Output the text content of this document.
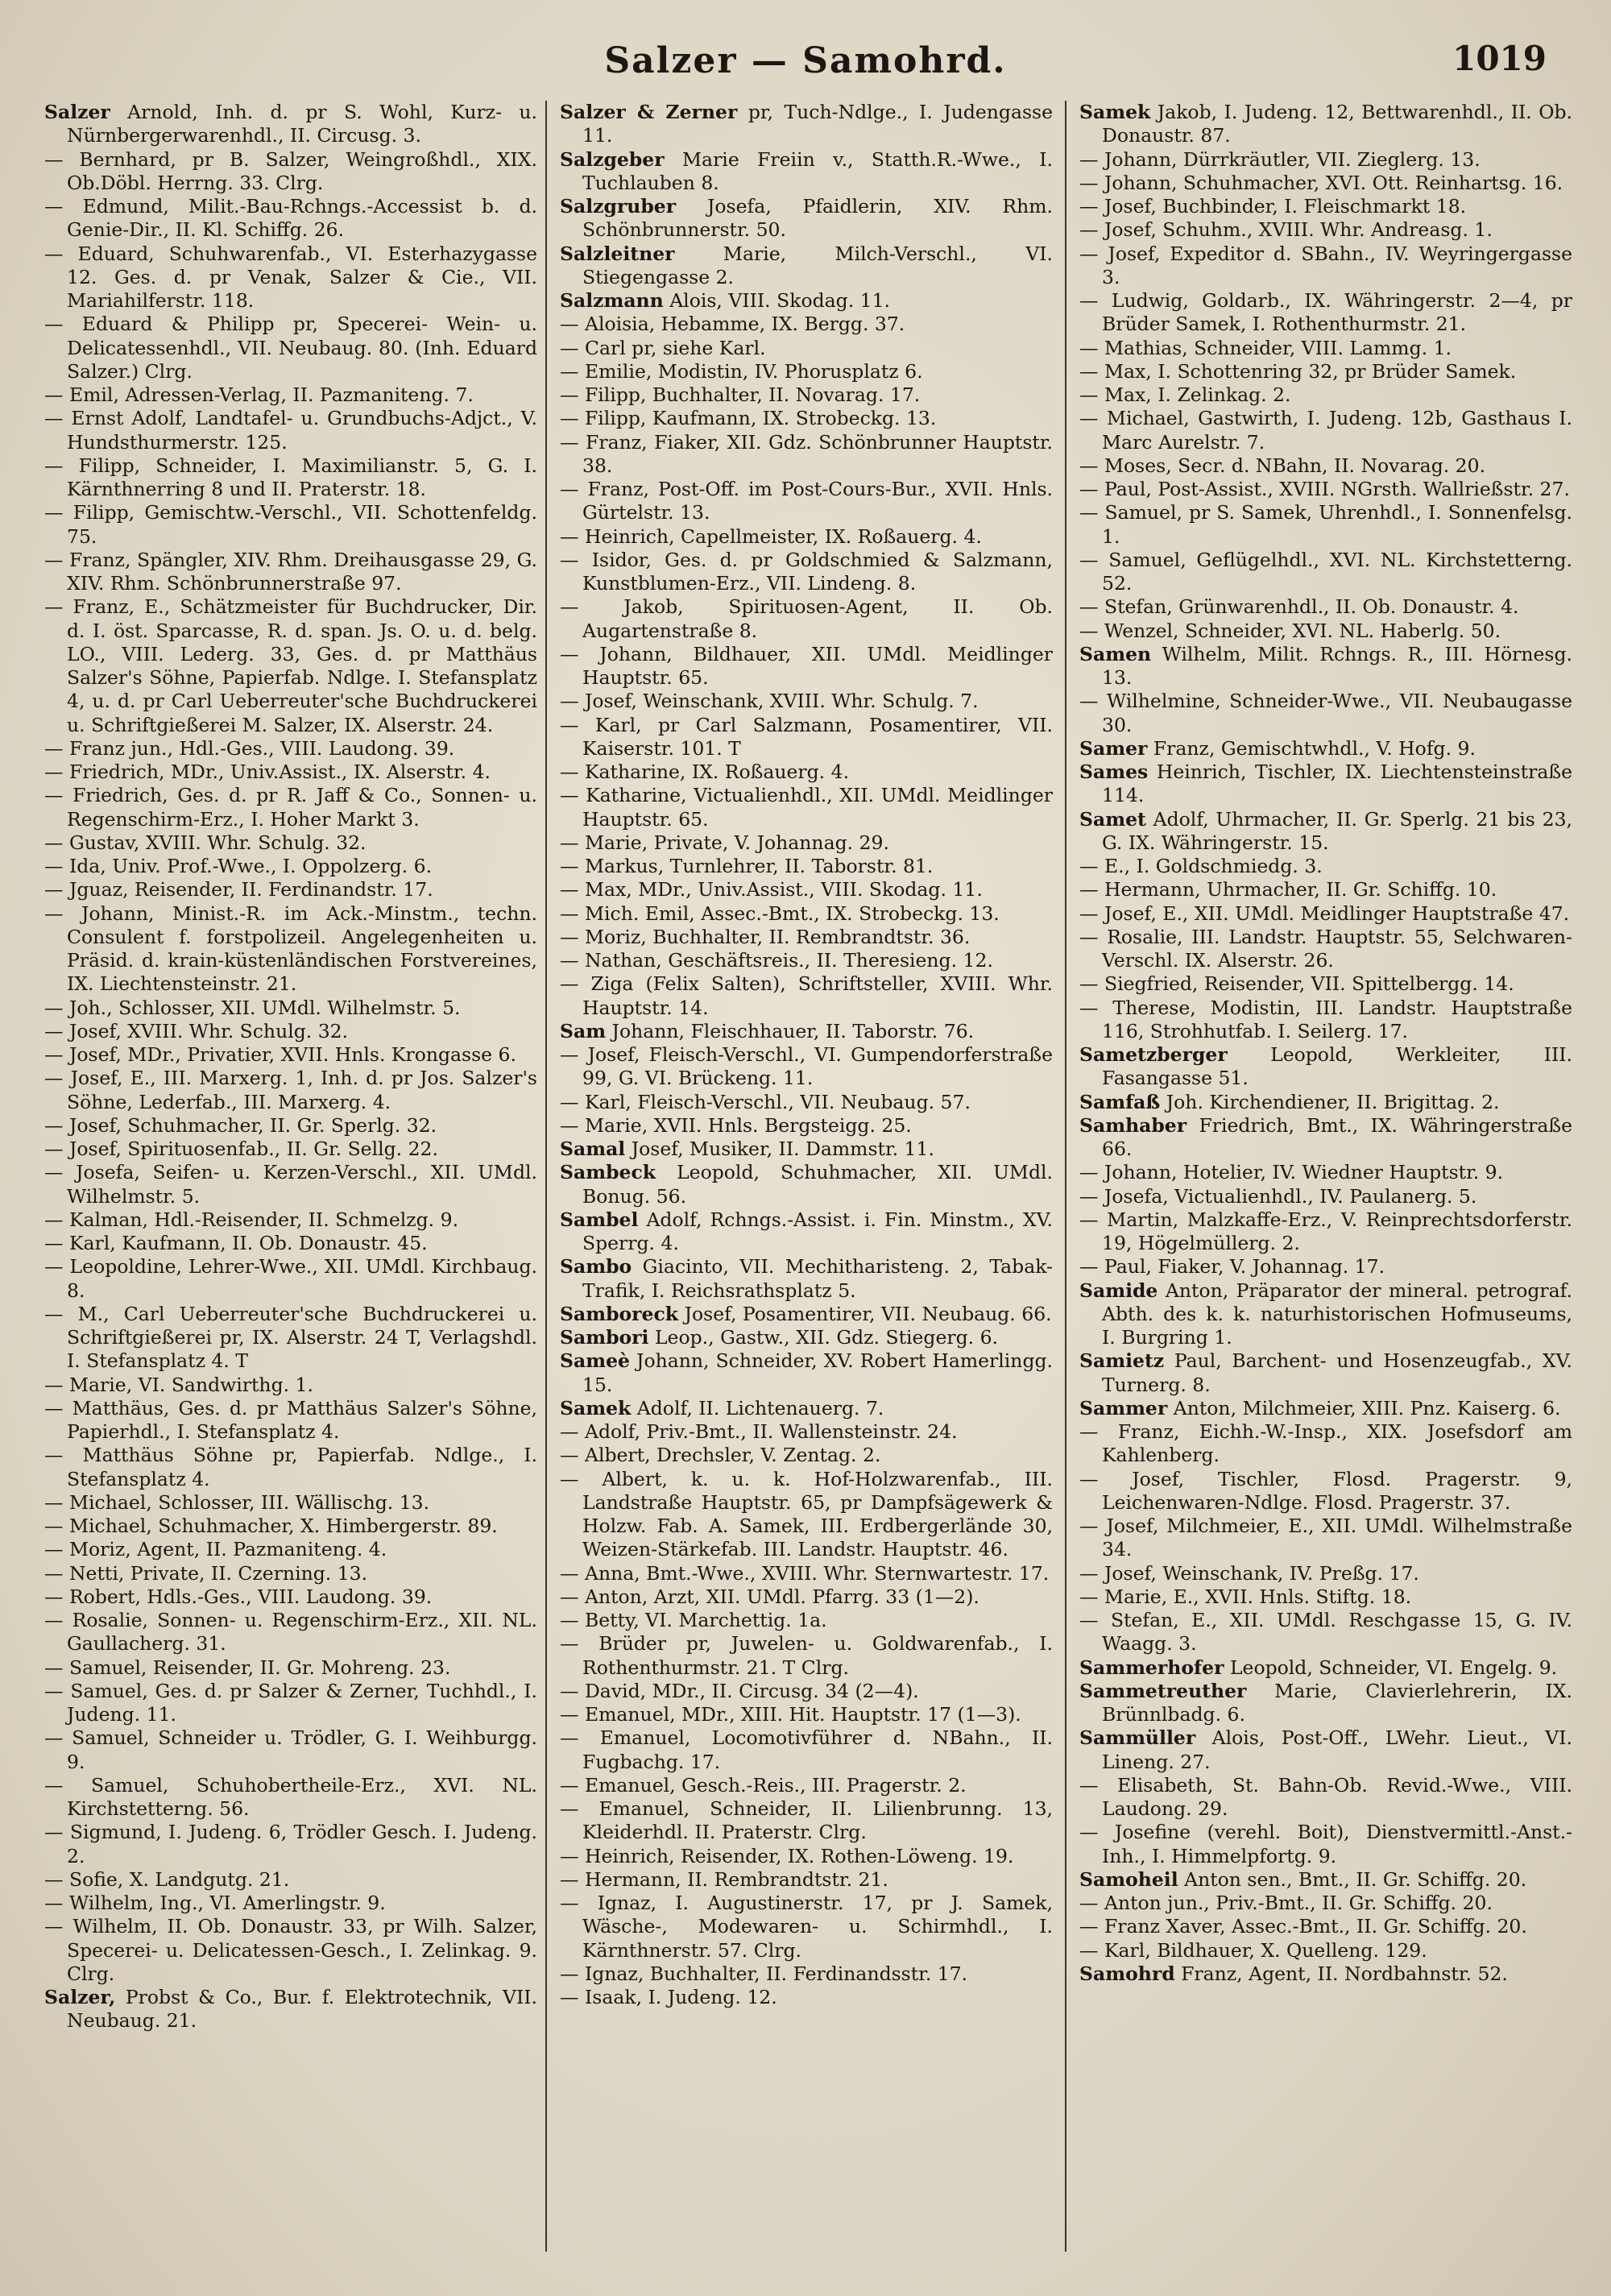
Salzer — Samohrd.	1019

Salzer Arnold, Inh. d. pr S. Wohl, Kurz- u. Nürnbergerwarenhdl., II. Circusg. 3.

— Bernhard, pr B. Salzer, Weingroßhdl., XIX. Ob.Döbl. Herrng. 33. Clrg.

— Edmund, Milit.-Bau-Rchngs.-Accessist b. d. Genie-Dir., II. Kl. Schiffg. 26.

— Eduard, Schuhwarenfab., VI. Esterhazygasse 12. Ges. d. pr Venak, Salzer & Cie., VII. Mariahilferstr. 118.

— Eduard & Philipp pr, Specerei- Wein- u. Delicatessenhdl., VII. Neubaug. 80. (Inh. Eduard Salzer.) Clrg.

— Emil, Adressen-Verlag, II. Pazmaniteng. 7.

— Ernst Adolf, Landtafel- u. Grundbuchs-Adjct., V. Hundsthurmerstr. 125.

— Filipp, Schneider, I. Maximilianstr. 5, G. I. Kärnthnerring 8 und II. Praterstr. 18.

— Filipp, Gemischtw.-Verschl., VII. Schottenfeldg. 75.

— Franz, Spängler, XIV. Rhm. Dreihausgasse 29, G. XIV. Rhm. Schönbrunnerstraße 97.

— Franz, E., Schätzmeister für Buchdrucker, Dir. d. I. öst. Sparcasse, R. d. span. Js. O. u. d. belg. LO., VIII. Lederg. 33, Ges. d. pr Matthäus Salzer's Söhne, Papierfab. Ndlge. I. Stefansplatz 4, u. d. pr Carl Ueberreuter'sche Buchdruckerei u. Schriftgießerei M. Salzer, IX. Alserstr. 24.

— Franz jun., Hdl.-Ges., VIII. Laudong. 39.

— Friedrich, MDr., Univ.Assist., IX. Alserstr. 4.

— Friedrich, Ges. d. pr R. Jaff & Co., Sonnen- u. Regenschirm-Erz., I. Hoher Markt 3.

— Gustav, XVIII. Whr. Schulg. 32.

— Ida, Univ. Prof.-Wwe., I. Oppolzerg. 6.

— Jguaz, Reisender, II. Ferdinandstr. 17.

— Johann, Minist.-R. im Ack.-Minstm., techn. Consulent f. forstpolizeil. Angelegenheiten u. Präsid. d. krain-küstenländischen Forstvereines, IX. Liechtensteinstr. 21.

— Joh., Schlosser, XII. UMdl. Wilhelmstr. 5.

— Josef, XVIII. Whr. Schulg. 32.

— Josef, MDr., Privatier, XVII. Hnls. Krongasse 6.

— Josef, E., III. Marxerg. 1, Inh. d. pr Jos. Salzer's Söhne, Lederfab., III. Marxerg. 4.

— Josef, Schuhmacher, II. Gr. Sperlg. 32.

— Josef, Spirituosenfab., II. Gr. Sellg. 22.

— Josefa, Seifen- u. Kerzen-Verschl., XII. UMdl. Wilhelmstr. 5.

— Kalman, Hdl.-Reisender, II. Schmelzg. 9.

— Karl, Kaufmann, II. Ob. Donaustr. 45.

— Leopoldine, Lehrer-Wwe., XII. UMdl. Kirchbaug. 8.

— M., Carl Ueberreuter'sche Buchdruckerei u. Schriftgießerei pr, IX. Alserstr. 24 T, Verlagshdl. I. Stefansplatz 4. T

— Marie, VI. Sandwirthg. 1.

— Matthäus, Ges. d. pr Matthäus Salzer's Söhne, Papierhdl., I. Stefansplatz 4.

— Matthäus Söhne pr, Papierfab. Ndlge., I. Stefansplatz 4.

— Michael, Schlosser, III. Wällischg. 13.

— Michael, Schuhmacher, X. Himbergerstr. 89.

— Moriz, Agent, II. Pazmaniteng. 4.

— Netti, Private, II. Czerning. 13.

— Robert, Hdls.-Ges., VIII. Laudong. 39.

— Rosalie, Sonnen- u. Regenschirm-Erz., XII. NL. Gaullacherg. 31.

— Samuel, Reisender, II. Gr. Mohreng. 23.

— Samuel, Ges. d. pr Salzer & Zerner, Tuchhdl., I. Judeng. 11.

— Samuel, Schneider u. Trödler, G. I. Weihburgg. 9.

— Samuel, Schuhobertheile-Erz., XVI. NL. Kirchstetterng. 56.

— Sigmund, I. Judeng. 6, Trödler Gesch. I. Judeng. 2.

— Sofie, X. Landgutg. 21.

— Wilhelm, Ing., VI. Amerlingstr. 9.

— Wilhelm, II. Ob. Donaustr. 33, pr Wilh. Salzer, Specerei- u. Delicatessen-Gesch., I. Zelinkag. 9. Clrg.

Salzer, Probst & Co., Bur. f. Elektrotechnik, VII. Neubaug. 21.

Salzer & Zerner pr, Tuch-Ndlge., I. Judengasse 11.

Salzgeber Marie Freiin v., Statth.R.-Wwe., I. Tuchlauben 8.

Salzgruber Josefa, Pfaidlerin, XIV. Rhm. Schönbrunnerstr. 50.

Salzleitner Marie, Milch-Verschl., VI. Stiegengasse 2.

Salzmann Alois, VIII. Skodag. 11.

— Aloisia, Hebamme, IX. Bergg. 37.

— Carl pr, siehe Karl.

— Emilie, Modistin, IV. Phorusplatz 6.

— Filipp, Buchhalter, II. Novarag. 17.

— Filipp, Kaufmann, IX. Strobeckg. 13.

— Franz, Fiaker, XII. Gdz. Schönbrunner Hauptstr. 38.

— Franz, Post-Off. im Post-Cours-Bur., XVII. Hnls. Gürtelstr. 13.

— Heinrich, Capellmeister, IX. Roßauerg. 4.

— Isidor, Ges. d. pr Goldschmied & Salzmann, Kunstblumen-Erz., VII. Lindeng. 8.

— Jakob, Spirituosen-Agent, II. Ob. Augartenstraße 8.

— Johann, Bildhauer, XII. UMdl. Meidlinger Hauptstr. 65.

— Josef, Weinschank, XVIII. Whr. Schulg. 7.

— Karl, pr Carl Salzmann, Posamentirer, VII. Kaiserstr. 101. T

— Katharine, IX. Roßauerg. 4.

— Katharine, Victualienhdl., XII. UMdl. Meidlinger Hauptstr. 65.

— Marie, Private, V. Johannag. 29.

— Markus, Turnlehrer, II. Taborstr. 81.

— Max, MDr., Univ.Assist., VIII. Skodag. 11.

— Mich. Emil, Assec.-Bmt., IX. Strobeckg. 13.

— Moriz, Buchhalter, II. Rembrandtstr. 36.

— Nathan, Geschäftsreis., II. Theresieng. 12.

— Ziga (Felix Salten), Schriftsteller, XVIII. Whr. Hauptstr. 14.

Sam Johann, Fleischhauer, II. Taborstr. 76.

— Josef, Fleisch-Verschl., VI. Gumpendorferstraße 99, G. VI. Brückeng. 11.

— Karl, Fleisch-Verschl., VII. Neubaug. 57.

— Marie, XVII. Hnls. Bergsteigg. 25.

Samal Josef, Musiker, II. Dammstr. 11.

Sambeck Leopold, Schuhmacher, XII. UMdl. Bonug. 56.

Sambel Adolf, Rchngs.-Assist. i. Fin. Minstm., XV. Sperrg. 4.

Sambo Giacinto, VII. Mechitharisteng. 2, Tabak-Trafik, I. Reichsrathsplatz 5.

Samboreck Josef, Posamentirer, VII. Neubaug. 66.

Sambori Leop., Gastw., XII. Gdz. Stiegerg. 6.

Sameè Johann, Schneider, XV. Robert Hamerlingg. 15.

Samek Adolf, II. Lichtenauerg. 7.

— Adolf, Priv.-Bmt., II. Wallensteinstr. 24.

— Albert, Drechsler, V. Zentag. 2.

— Albert, k. u. k. Hof-Holzwarenfab., III. Landstraße Hauptstr. 65, pr Dampfsägewerk & Holzw. Fab. A. Samek, III. Erdbergerlände 30, Weizen-Stärkefab. III. Landstr. Hauptstr. 46.

— Anna, Bmt.-Wwe., XVIII. Whr. Sternwartestr. 17.

— Anton, Arzt, XII. UMdl. Pfarrg. 33 (1—2).

— Betty, VI. Marchettig. 1a.

— Brüder pr, Juwelen- u. Goldwarenfab., I. Rothenthurmstr. 21. T Clrg.

— David, MDr., II. Circusg. 34 (2—4).

— Emanuel, MDr., XIII. Hit. Hauptstr. 17 (1—3).

— Emanuel, Locomotivführer d. NBahn., II. Fugbachg. 17.

— Emanuel, Gesch.-Reis., III. Pragerstr. 2.

— Emanuel, Schneider, II. Lilienbrunng. 13, Kleiderhdl. II. Praterstr. Clrg.

— Heinrich, Reisender, IX. Rothen-Löweng. 19.

— Hermann, II. Rembrandtstr. 21.

— Ignaz, I. Augustinerstr. 17, pr J. Samek, Wäsche-, Modewaren- u. Schirmhdl., I. Kärnthnerstr. 57. Clrg.

— Ignaz, Buchhalter, II. Ferdinandsstr. 17.

— Isaak, I. Judeng. 12.

Samek Jakob, I. Judeng. 12, Bettwarenhdl., II. Ob. Donaustr. 87.

— Johann, Dürrkräutler, VII. Zieglerg. 13.

— Johann, Schuhmacher, XVI. Ott. Reinhartsg. 16.

— Josef, Buchbinder, I. Fleischmarkt 18.

— Josef, Schuhm., XVIII. Whr. Andreasg. 1.

— Josef, Expeditor d. SBahn., IV. Weyringergasse 3.

— Ludwig, Goldarb., IX. Währingerstr. 2—4, pr Brüder Samek, I. Rothenthurmstr. 21.

— Mathias, Schneider, VIII. Lammg. 1.

— Max, I. Schottenring 32, pr Brüder Samek.

— Max, I. Zelinkag. 2.

— Michael, Gastwirth, I. Judeng. 12b, Gasthaus I. Marc Aurelstr. 7.

— Moses, Secr. d. NBahn, II. Novarag. 20.

— Paul, Post-Assist., XVIII. NGrsth. Wallrießstr. 27.

— Samuel, pr S. Samek, Uhrenhdl., I. Sonnenfelsg. 1.

— Samuel, Geflügelhdl., XVI. NL. Kirchstetterng. 52.

— Stefan, Grünwarenhdl., II. Ob. Donaustr. 4.

— Wenzel, Schneider, XVI. NL. Haberlg. 50.

Samen Wilhelm, Milit. Rchngs. R., III. Hörnesg. 13.

— Wilhelmine, Schneider-Wwe., VII. Neubaugasse 30.

Samer Franz, Gemischtwhdl., V. Hofg. 9.

Sames Heinrich, Tischler, IX. Liechtensteinstraße 114.

Samet Adolf, Uhrmacher, II. Gr. Sperlg. 21 bis 23, G. IX. Währingerstr. 15.

— E., I. Goldschmiedg. 3.

— Hermann, Uhrmacher, II. Gr. Schiffg. 10.

— Josef, E., XII. UMdl. Meidlinger Hauptstraße 47.

— Rosalie, III. Landstr. Hauptstr. 55, Selchwaren-Verschl. IX. Alserstr. 26.

— Siegfried, Reisender, VII. Spittelbergg. 14.

— Therese, Modistin, III. Landstr. Hauptstraße 116, Strohhutfab. I. Seilerg. 17.

Sametzberger Leopold, Werkleiter, III. Fasangasse 51.

Samfaß Joh. Kirchendiener, II. Brigittag. 2.

Samhaber Friedrich, Bmt., IX. Währingerstraße 66.

— Johann, Hotelier, IV. Wiedner Hauptstr. 9.

— Josefa, Victualienhdl., IV. Paulanerg. 5.

— Martin, Malzkaffe-Erz., V. Reinprechtsdorferstr. 19, Högelmüllerg. 2.

— Paul, Fiaker, V. Johannag. 17.

Samide Anton, Präparator der mineral. petrograf. Abth. des k. k. naturhistorischen Hofmuseums, I. Burgring 1.

Samietz Paul, Barchent- und Hosenzeugfab., XV. Turnerg. 8.

Sammer Anton, Milchmeier, XIII. Pnz. Kaiserg. 6.

— Franz, Eichh.-W.-Insp., XIX. Josefsdorf am Kahlenberg.

— Josef, Tischler, Flosd. Pragerstr. 9, Leichenwaren-Ndlge. Flosd. Pragerstr. 37.

— Josef, Milchmeier, E., XII. UMdl. Wilhelmstraße 34.

— Josef, Weinschank, IV. Preßg. 17.

— Marie, E., XVII. Hnls. Stiftg. 18.

— Stefan, E., XII. UMdl. Reschgasse 15, G. IV. Waagg. 3.

Sammerhofer Leopold, Schneider, VI. Engelg. 9.

Sammetreuther Marie, Clavierlehrerin, IX. Brünnlbadg. 6.

Sammüller Alois, Post-Off., LWehr. Lieut., VI. Lineng. 27.

— Elisabeth, St. Bahn-Ob. Revid.-Wwe., VIII. Laudong. 29.

— Josefine (verehl. Boit), Dienstvermittl.-Anst.-Inh., I. Himmelpfortg. 9.

Samoheil Anton sen., Bmt., II. Gr. Schiffg. 20.

— Anton jun., Priv.-Bmt., II. Gr. Schiffg. 20.

— Franz Xaver, Assec.-Bmt., II. Gr. Schiffg. 20.

— Karl, Bildhauer, X. Quelleng. 129.

Samohrd Franz, Agent, II. Nordbahnstr. 52.
